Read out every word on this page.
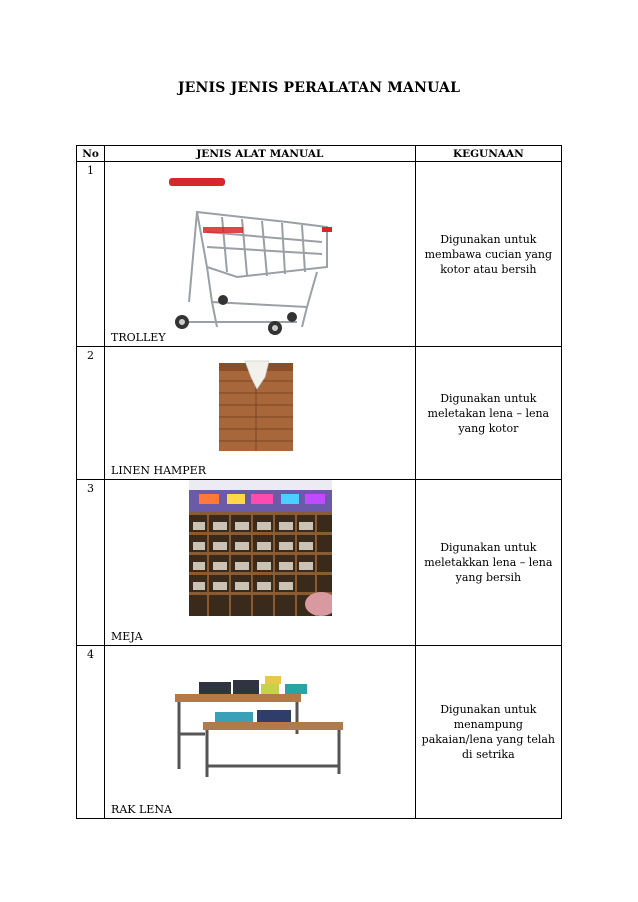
JENIS JENIS PERALATAN MANUAL
No	JENIS ALAT MANUAL	KEGUNAAN
1	TROLLEY	Digunakan untuk membawa cucian yang kotor atau bersih
2	LINEN HAMPER	Digunakan untuk meletakan lena – lena yang kotor
3	MEJA	Digunakan untuk meletakkan lena – lena yang bersih
4	RAK LENA	Digunakan untuk menampung pakaian/lena yang telah di setrika
